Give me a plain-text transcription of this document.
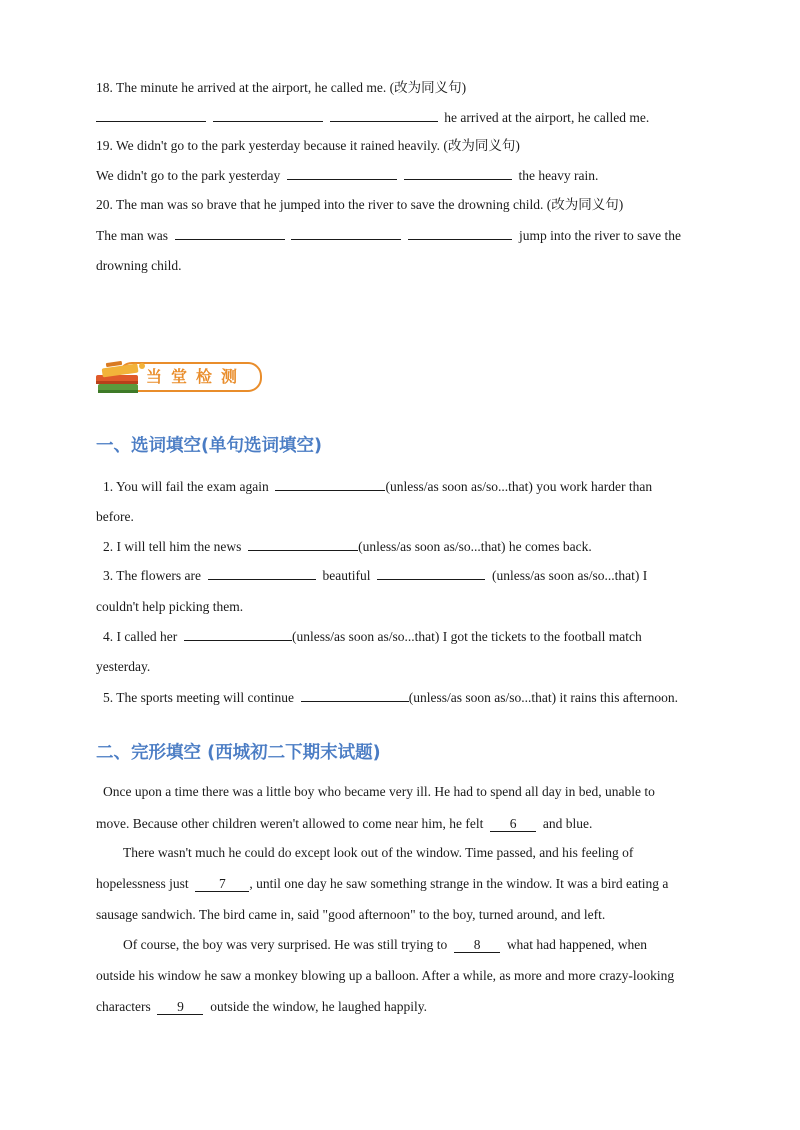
18. The minute he arrived at the airport, he called me. (改为同义句)
he arrived at the airport, he called me.
19. We didn't go to the park yesterday because it rained heavily. (改为同义句)
We didn't go to the park yesterday	the heavy rain.
20. The man was so brave that he jumped into the river to save the drowning child. (改为同义句)
The man was	jump into the river to save the
drowning child.
当堂检测
一、选词填空(单句选词填空)
1. You will fail the exam again	(unless/as soon as/so...that) you work harder than
before.
2. I will tell him the news	(unless/as soon as/so...that) he comes back.
3. The flowers are	beautiful	(unless/as soon as/so...that) I
couldn't help picking them.
4. I called her	(unless/as soon as/so...that) I got the tickets to the football match
yesterday.
5. The sports meeting will continue	(unless/as soon as/so...that) it rains this afternoon.
二、完形填空 (西城初二下期末试题)
Once upon a time there was a little boy who became very ill. He had to spend all day in bed, unable to
move. Because other children weren't allowed to come near him, he felt 6 and blue.
There wasn't much he could do except look out of the window. Time passed, and his feeling of
hopelessness just 7 , until one day he saw something strange in the window. It was a bird eating a
sausage sandwich. The bird came in, said "good afternoon" to the boy, turned around, and left.
Of course, the boy was very surprised. He was still trying to 8 what had happened, when
outside his window he saw a monkey blowing up a balloon. After a while, as more and more crazy-looking
characters 9 outside the window, he laughed happily.
